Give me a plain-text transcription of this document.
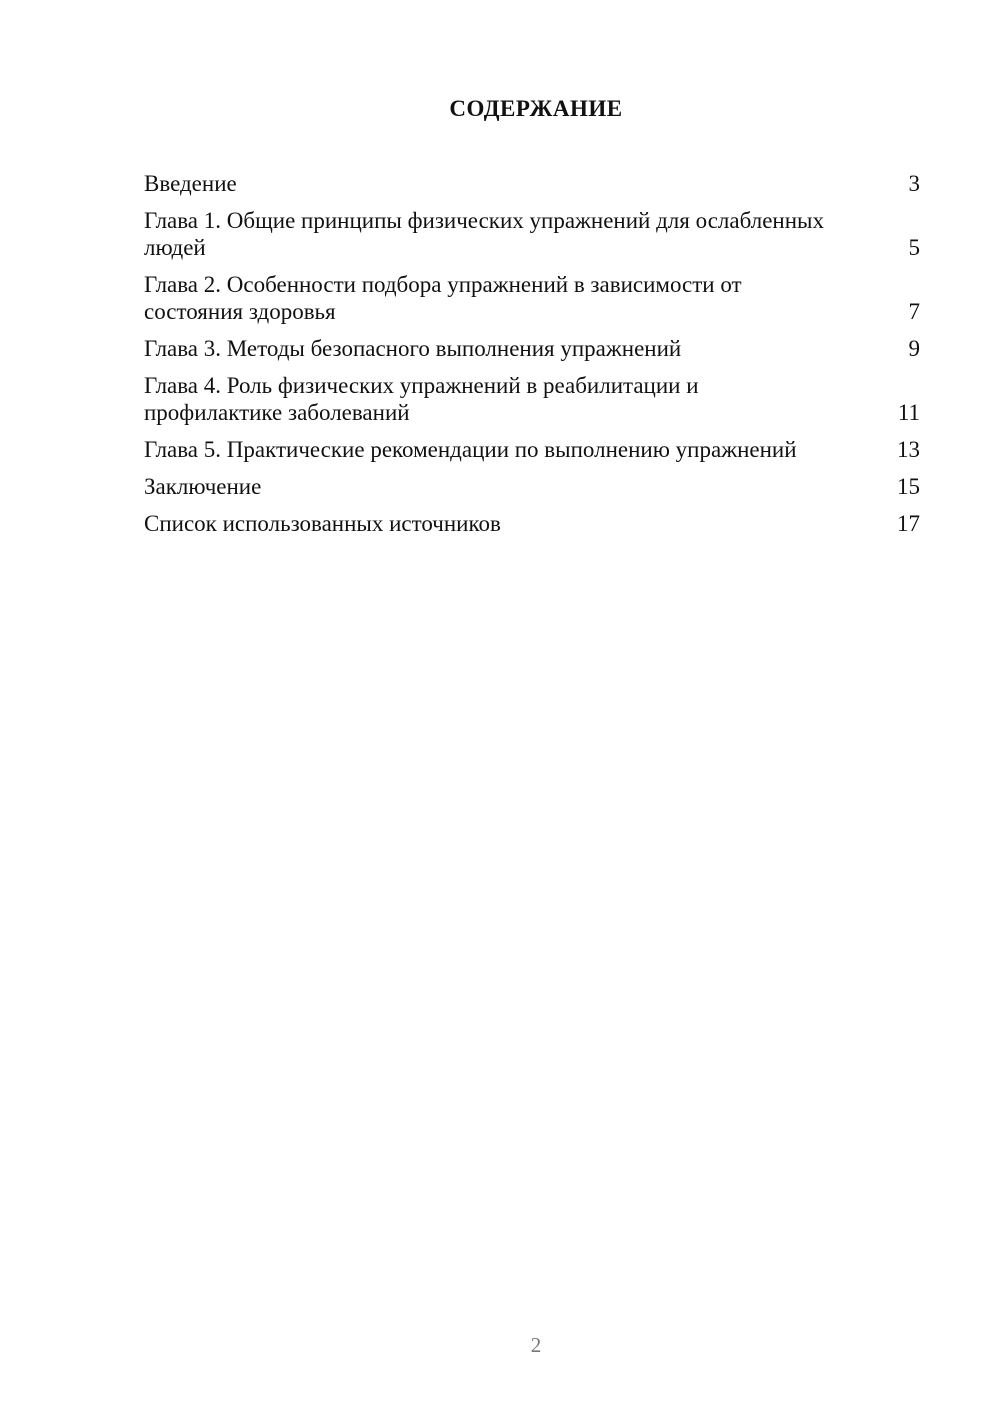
СОДЕРЖАНИЕ
Введение	3
Глава 1. Общие принципы физических упражнений для ослабленных людей	5
Глава 2. Особенности подбора упражнений в зависимости от состояния здоровья	7
Глава 3. Методы безопасного выполнения упражнений	9
Глава 4. Роль физических упражнений в реабилитации и профилактике заболеваний	11
Глава 5. Практические рекомендации по выполнению упражнений	13
Заключение	15
Список использованных источников	17
2
